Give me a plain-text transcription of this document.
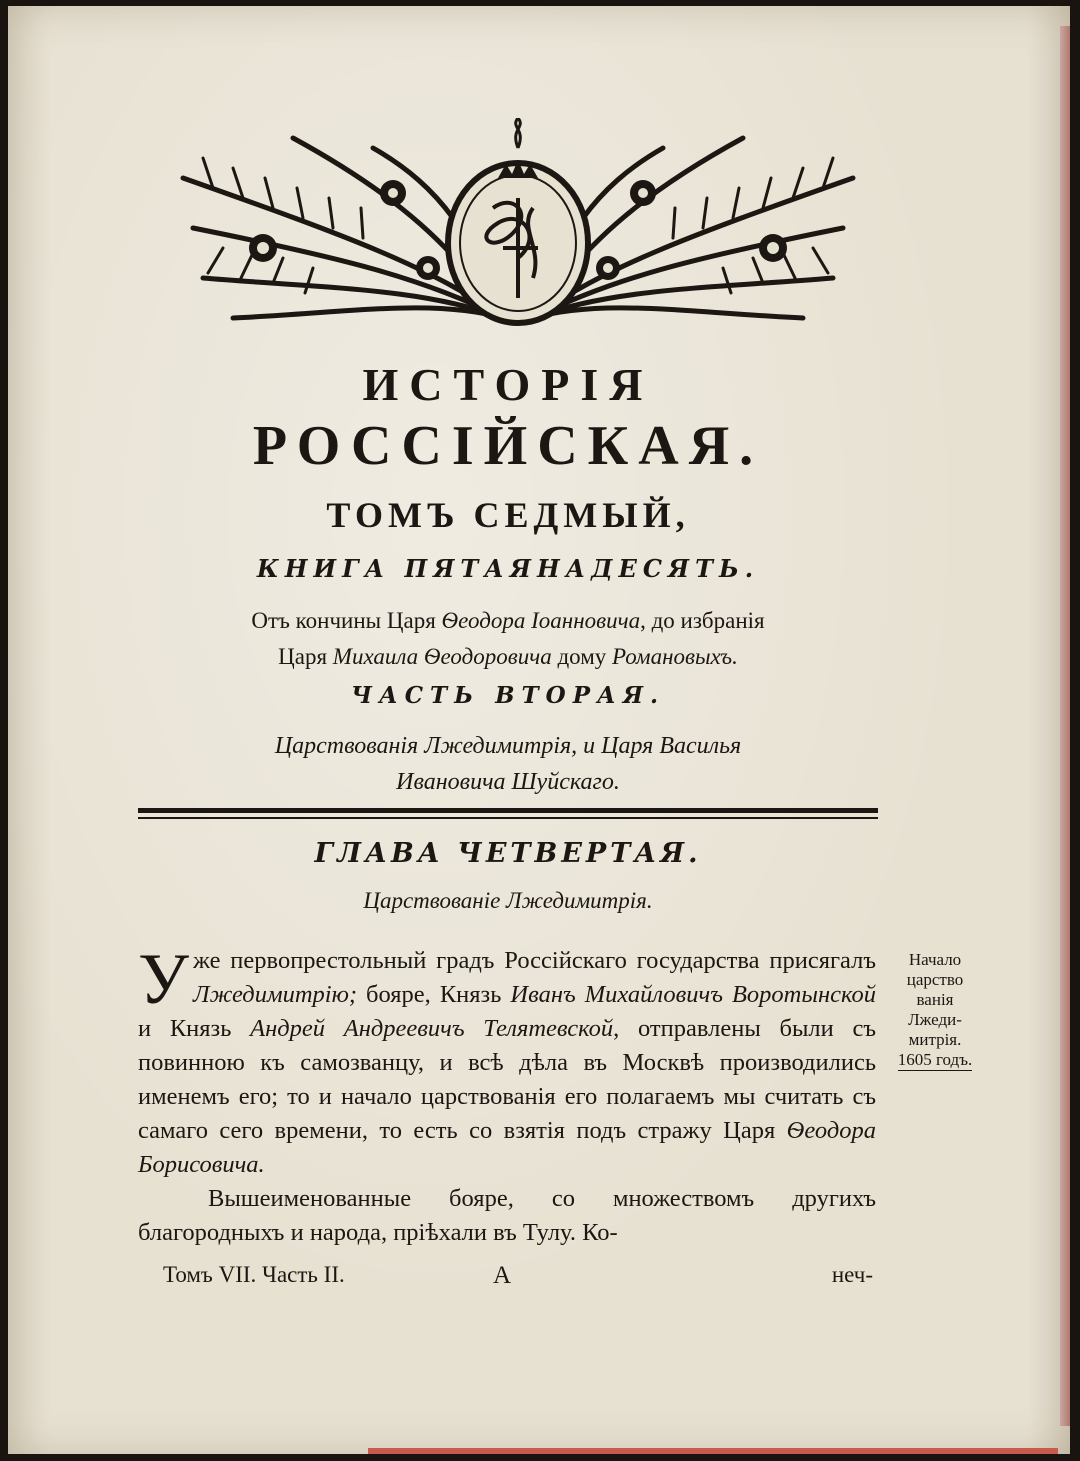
ИСТОРІЯ
РОССІЙСКАЯ.
ТОМЪ СЕДМЫЙ,
КНИГА ПЯТАЯНАДЕСЯТЬ.
Отъ кончины Царя Ѳеодора Іоанновича, до избранія
Царя Михаила Ѳеодоровича дому Романовыхъ.
ЧАСТЬ ВТОРАЯ.
Царствованія Лжедимитрія, и Царя Василья
Ивановича Шуйскаго.
ГЛАВА ЧЕТВЕРТАЯ.
Царствованіе Лжедимитрія.

Уже первопрестольный градъ Россійскаго государства присягалъ Лжедимитрію; бояре, Князь Иванъ Михайловичъ Воротынской и Князь Андрей Андреевичъ Телятевской, отправлены были съ повинною къ самозванцу, и всѣ дѣла въ Москвѣ производились именемъ его; то и начало царствованія его полагаемъ мы считать съ самаго сего времени, то есть со взятія подъ стражу Царя Ѳеодора Борисовича.

Вышеименованные бояре, со множествомъ другихъ благородныхъ и народа, пріѣхали въ Тулу. Ко-

Томъ VII. Часть II.	А	неч-
Начало
царство
ванія
Лжеди-
митрія.
1605 годъ.
